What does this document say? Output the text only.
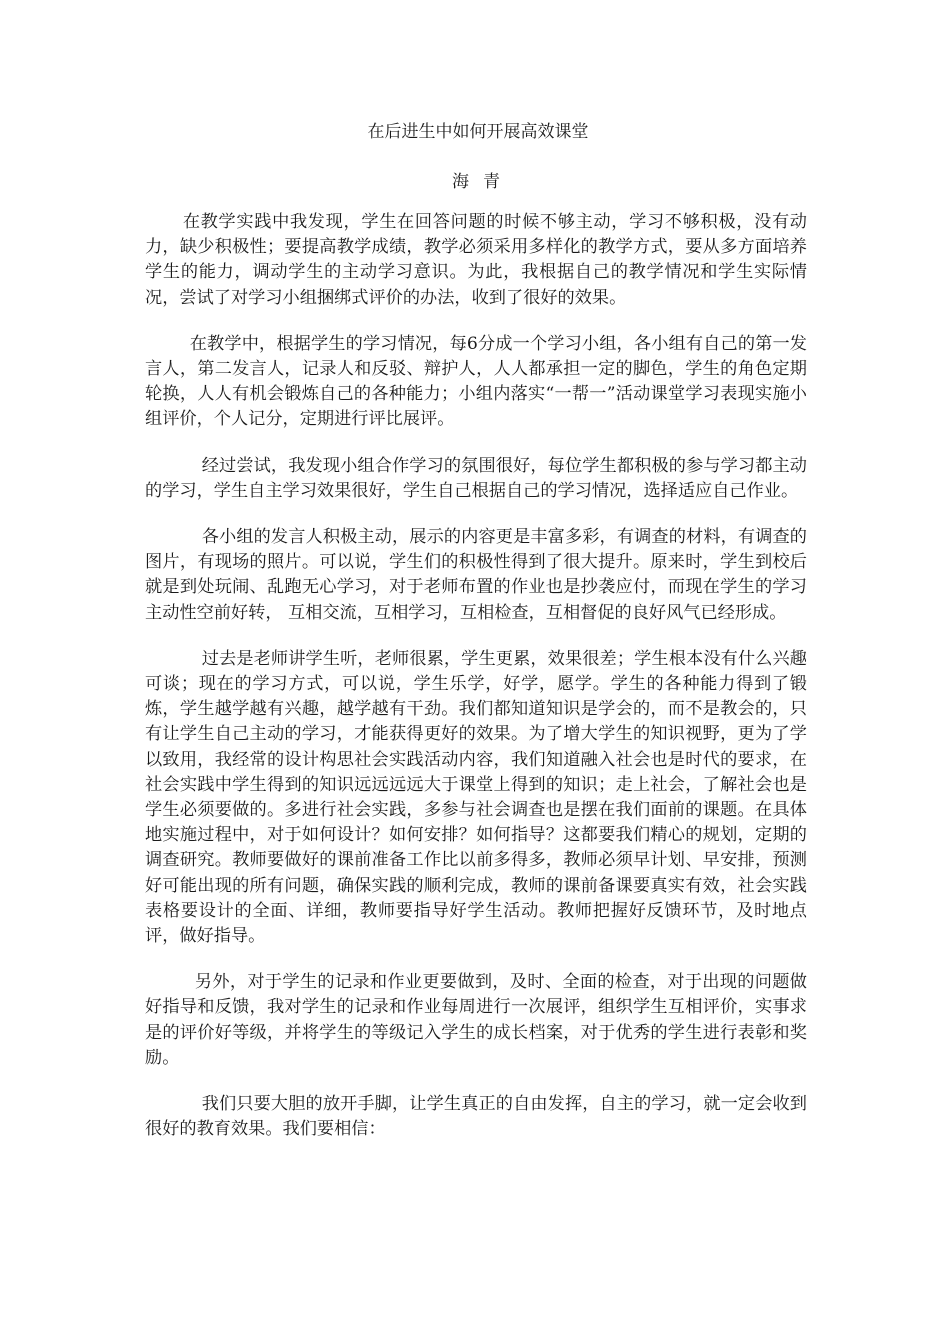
在后进生中如何开展高效课堂
海青

在教学实践中我发现，学生在回答问题的时候不够主动，学习不够积极，没有动力，缺少积极性；要提高教学成绩，教学必须采用多样化的教学方式，要从多方面培养学生的能力，调动学生的主动学习意识。为此，我根据自己的教学情况和学生实际情况，尝试了对学习小组捆绑式评价的办法，收到了很好的效果。

在教学中，根据学生的学习情况，每6分成一个学习小组，各小组有自己的第一发言人，第二发言人，记录人和反驳、辩护人，人人都承担一定的脚色，学生的角色定期轮换，人人有机会锻炼自己的各种能力；小组内落实“一帮一”活动课堂学习表现实施小组评价，个人记分，定期进行评比展评。

经过尝试，我发现小组合作学习的氛围很好，每位学生都积极的参与学习都主动的学习，学生自主学习效果很好，学生自己根据自己的学习情况，选择适应自己作业。

各小组的发言人积极主动，展示的内容更是丰富多彩，有调查的材料，有调查的图片，有现场的照片。可以说，学生们的积极性得到了很大提升。原来时，学生到校后就是到处玩闹、乱跑无心学习，对于老师布置的作业也是抄袭应付，而现在学生的学习主动性空前好转， 互相交流，互相学习，互相检查，互相督促的良好风气已经形成。

过去是老师讲学生听，老师很累，学生更累，效果很差；学生根本没有什么兴趣可谈；现在的学习方式，可以说，学生乐学，好学，愿学。学生的各种能力得到了锻炼，学生越学越有兴趣，越学越有干劲。我们都知道知识是学会的，而不是教会的，只有让学生自己主动的学习，才能获得更好的效果。为了增大学生的知识视野，更为了学以致用，我经常的设计构思社会实践活动内容，我们知道融入社会也是时代的要求，在社会实践中学生得到的知识远远远远大于课堂上得到的知识；走上社会，了解社会也是学生必须要做的。多进行社会实践，多参与社会调查也是摆在我们面前的课题。在具体地实施过程中，对于如何设计？如何安排？如何指导？这都要我们精心的规划，定期的调查研究。教师要做好的课前准备工作比以前多得多，教师必须早计划、早安排，预测好可能出现的所有问题，确保实践的顺利完成，教师的课前备课要真实有效，社会实践表格要设计的全面、详细，教师要指导好学生活动。教师把握好反馈环节，及时地点评，做好指导。

另外，对于学生的记录和作业更要做到，及时、全面的检查，对于出现的问题做好指导和反馈，我对学生的记录和作业每周进行一次展评，组织学生互相评价，实事求是的评价好等级，并将学生的等级记入学生的成长档案，对于优秀的学生进行表彰和奖励。

我们只要大胆的放开手脚，让学生真正的自由发挥，自主的学习，就一定会收到很好的教育效果。我们要相信：
